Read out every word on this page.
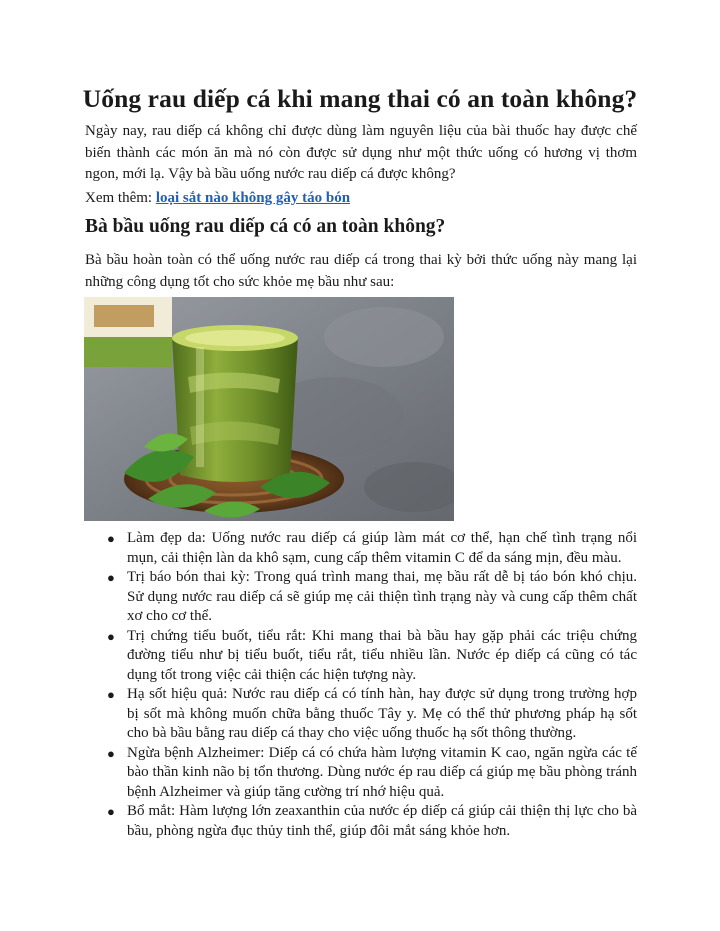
Uống rau diếp cá khi mang thai có an toàn không?

Ngày nay, rau diếp cá không chỉ được dùng làm nguyên liệu của bài thuốc hay được chế biến thành các món ăn mà nó còn được sử dụng như một thức uống có hương vị thơm ngon, mới lạ. Vậy bà bầu uống nước rau diếp cá được không?

Xem thêm: loại sắt nào không gây táo bón

Bà bầu uống rau diếp cá có an toàn không?

Bà bầu hoàn toàn có thể uống nước rau diếp cá trong thai kỳ bởi thức uống này mang lại những công dụng tốt cho sức khỏe mẹ bầu như sau:

● Làm đẹp da: Uống nước rau diếp cá giúp làm mát cơ thể, hạn chế tình trạng nổi mụn, cải thiện làn da khô sạm, cung cấp thêm vitamin C để da sáng mịn, đều màu.
● Trị báo bón thai kỳ: Trong quá trình mang thai, mẹ bầu rất dễ bị táo bón khó chịu. Sử dụng nước rau diếp cá sẽ giúp mẹ cải thiện tình trạng này và cung cấp thêm chất xơ cho cơ thể.
● Trị chứng tiểu buốt, tiểu rắt: Khi mang thai bà bầu hay gặp phải các triệu chứng đường tiểu như bị tiểu buốt, tiểu rắt, tiểu nhiều lần. Nước ép diếp cá cũng có tác dụng tốt trong việc cải thiện các hiện tượng này.
● Hạ sốt hiệu quả: Nước rau diếp cá có tính hàn, hay được sử dụng trong trường hợp bị sốt mà không muốn chữa bằng thuốc Tây y. Mẹ có thể thử phương pháp hạ sốt cho bà bầu bằng rau diếp cá thay cho việc uống thuốc hạ sốt thông thường.
● Ngừa bệnh Alzheimer: Diếp cá có chứa hàm lượng vitamin K cao, ngăn ngừa các tế bào thần kinh não bị tổn thương. Dùng nước ép rau diếp cá giúp mẹ bầu phòng tránh bệnh Alzheimer và giúp tăng cường trí nhớ hiệu quả.
● Bổ mắt: Hàm lượng lớn zeaxanthin của nước ép diếp cá giúp cải thiện thị lực cho bà bầu, phòng ngừa đục thủy tinh thể, giúp đôi mắt sáng khỏe hơn.
